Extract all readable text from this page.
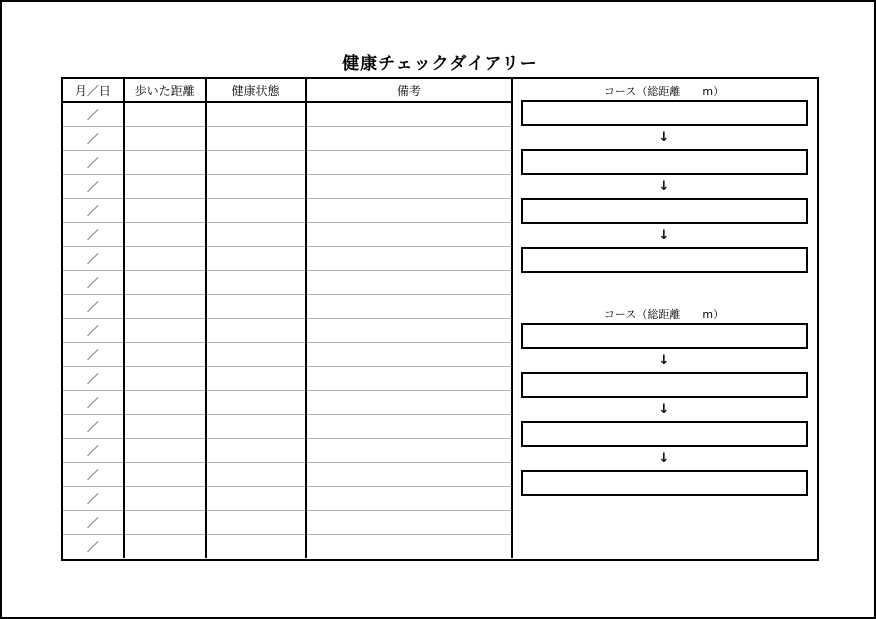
健康チェックダイアリー
月／日	歩いた距離	健康状態	備考
／			
／			
／			
／			
／			
／			
／			
／			
／			
／			
／			
／			
／			
／			
／			
／			
／			
／			
／			
コース（総距離　　m）
↓
↓
↓
コース（総距離　　m）
↓
↓
↓
